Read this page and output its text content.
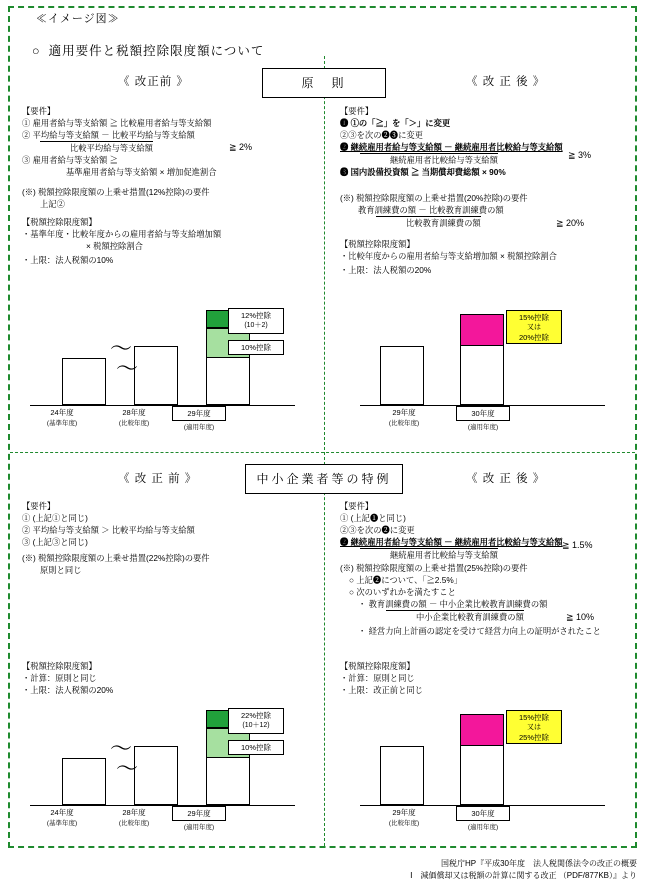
≪イメージ図≫
○ 適用要件と税額控除限度額について
原　則
《 改正前 》	《 改 正 後 》
【要件】
① 雇用者給与等支給額 ≧ 比較雇用者給与等支給額
② 平均給与等支給額 － 比較平均給与等支給額
比較平均給与等支給額
③ 雇用者給与等支給額 ≧
基準雇用者給与等支給額 × 増加促進割合
≧ 2%
(※) 税額控除限度額の上乗せ措置(12%控除)の要件
上記②
【税額控除限度額】
・基準年度・比較年度からの雇用者給与等支給増加額
× 税額控除割合
・上限：法人税額の10%
【要件】
❶ ①の「≧」を「＞」に変更
②③を次の❷❸に変更
❷ 継続雇用者給与等支給額 － 継続雇用者比較給与等支給額
継続雇用者比較給与等支給額
❸ 国内設備投資額 ≧ 当期償却費総額 × 90%
≧ 3%
(※) 税額控除限度額の上乗せ措置(20%控除)の要件
教育訓練費の額 － 比較教育訓練費の額
比較教育訓練費の額	≧ 20%
【税額控除限度額】
・比較年度からの雇用者給与等支給増加額 × 税額控除割合
・上限：法人税額の20%
〜
〜
12%控除
(10＋2)
10%控除
29年度
24年度
(基準年度)
28年度
(比較年度)
(適用年度)
15%控除
又は
20%控除
30年度
29年度
(比較年度)
(適用年度)
中小企業者等の特例
《 改 正 前 》	《 改 正 後 》
【要件】
① (上記①と同じ)
② 平均給与等支給額 ＞ 比較平均給与等支給額
③ (上記③と同じ)
(※) 税額控除限度額の上乗せ措置(22%控除)の要件
原則と同じ
【税額控除限度額】
・計算：原則と同じ
・上限：法人税額の20%
【要件】
① (上記❶と同じ)
②③を次の❷に変更
❷ 継続雇用者給与等支給額 － 継続雇用者比較給与等支給額
継続雇用者比較給与等支給額
≧ 1.5%
(※) 税額控除限度額の上乗せ措置(25%控除)の要件
○ 上記❷について、「≧2.5%」
○ 次のいずれかを満たすこと
・ 教育訓練費の額 － 中小企業比較教育訓練費の額
中小企業比較教育訓練費の額
・ 経営力向上計画の認定を受けて経営力向上の証明がされたこと
≧ 10%
【税額控除限度額】
・計算：原則と同じ
・上限：改正前と同じ
〜
〜
22%控除
(10＋12)
10%控除
29年度
24年度
(基準年度)
28年度
(比較年度)
(適用年度)
15%控除
又は
25%控除
30年度
29年度
(比較年度)
(適用年度)
国税庁HP『平成30年度　法人税関係法令の改正の概要
Ⅰ　減価償却又は税額の計算に関する改正 （PDF/877KB）』より
